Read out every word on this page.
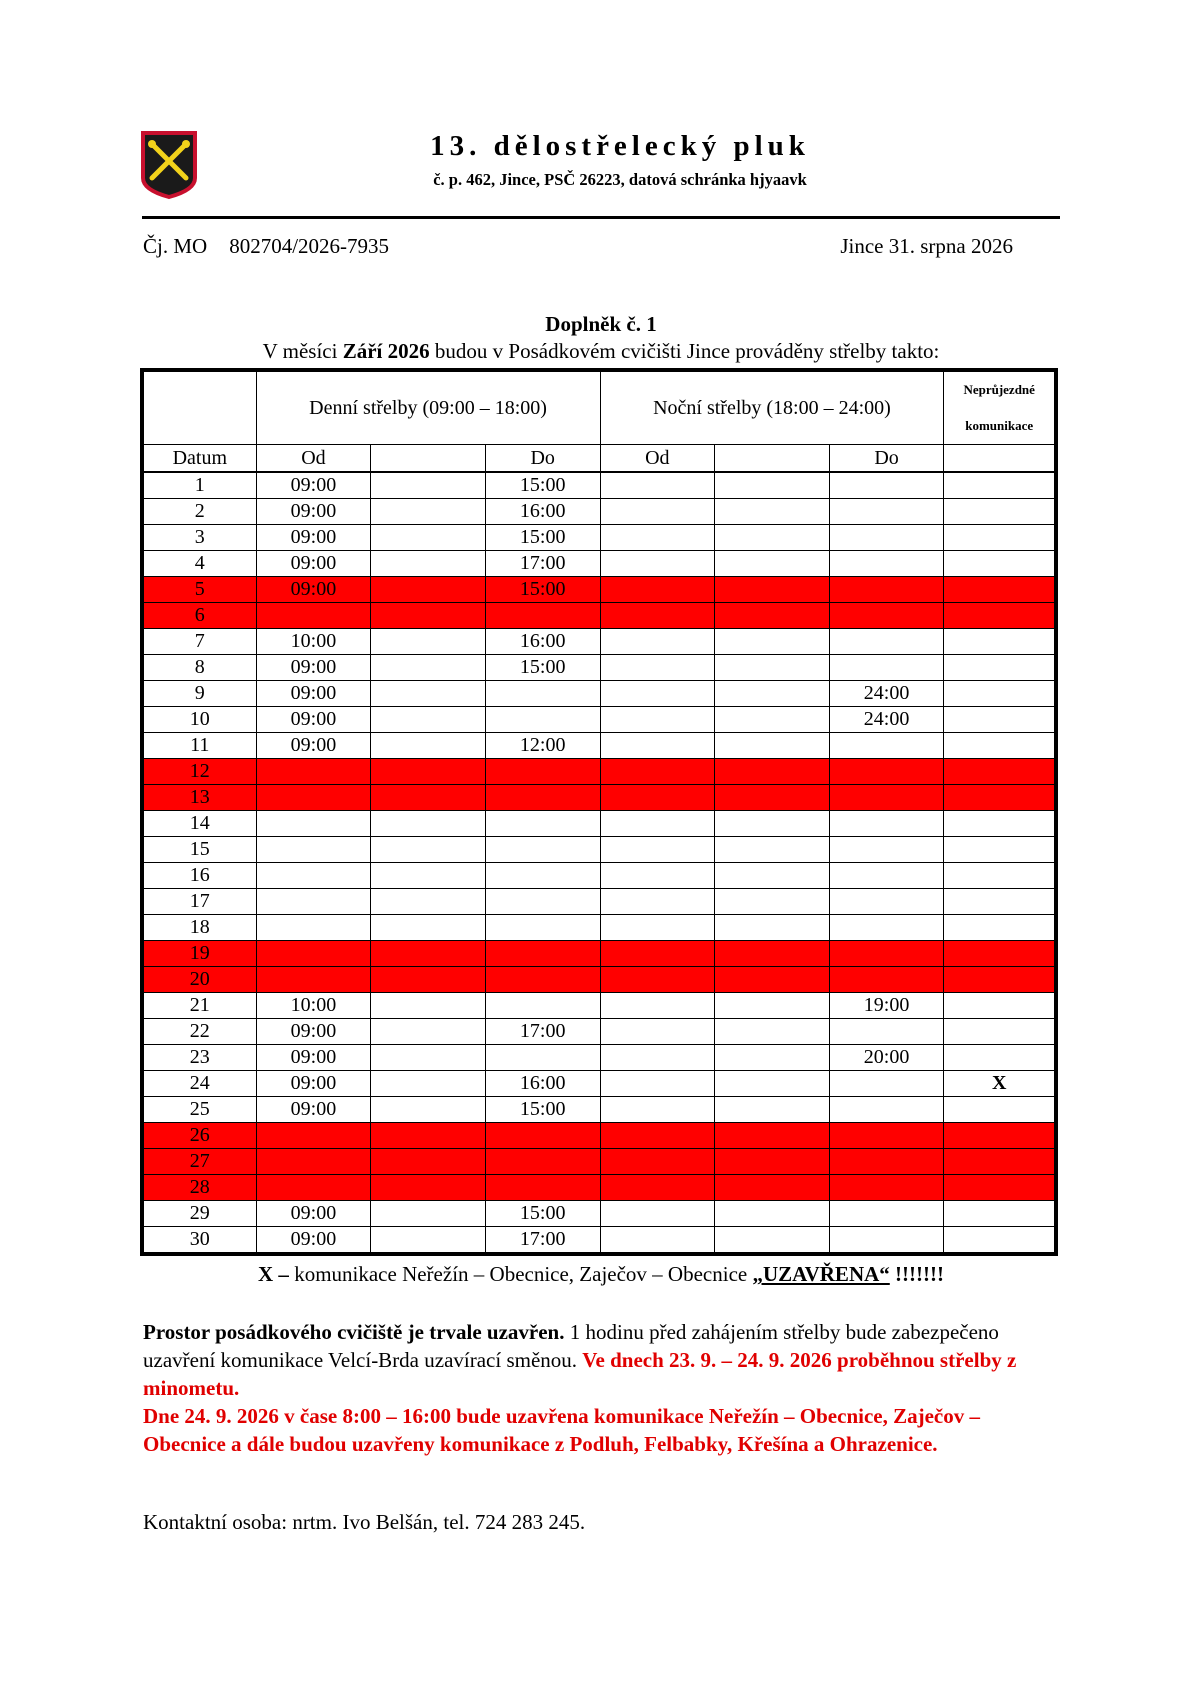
13. dělostřelecký pluk
č. p. 462, Jince, PSČ 26223, datová schránka hjyaavk
Čj. MO 802704/2026-7935	Jince 31. srpna 2026
Doplněk č. 1
V měsíci Září 2026 budou v Posádkovém cvičišti Jince prováděny střelby takto:
	Denní střelby (09:00 – 18:00)			Noční střelby (18:00 – 24:00)			Neprůjezdné komunikace
Datum	Od		Do	Od		Do	
1	09:00		15:00				
2	09:00		16:00				
3	09:00		15:00				
4	09:00		17:00				
5	09:00		15:00				
6							
7	10:00		16:00				
8	09:00		15:00				
9	09:00					24:00	
10	09:00					24:00	
11	09:00		12:00				
12							
13							
14							
15							
16							
17							
18							
19							
20							
21	10:00					19:00	
22	09:00		17:00				
23	09:00					20:00	
24	09:00		16:00				X
25	09:00		15:00				
26							
27							
28							
29	09:00		15:00				
30	09:00		17:00				
X – komunikace Neřežín – Obecnice, Zaječov – Obecnice „UZAVŘENA“ !!!!!!!
Prostor posádkového cvičiště je trvale uzavřen. 1 hodinu před zahájením střelby bude zabezpečeno uzavření komunikace Velcí-Brda uzavírací směnou. Ve dnech 23. 9. – 24. 9. 2026 proběhnou střelby z minometu.
Dne 24. 9. 2026 v čase 8:00 – 16:00 bude uzavřena komunikace Neřežín – Obecnice, Zaječov – Obecnice a dále budou uzavřeny komunikace z Podluh, Felbabky, Křešína a Ohrazenice.
Kontaktní osoba: nrtm. Ivo Belšán, tel. 724 283 245.
